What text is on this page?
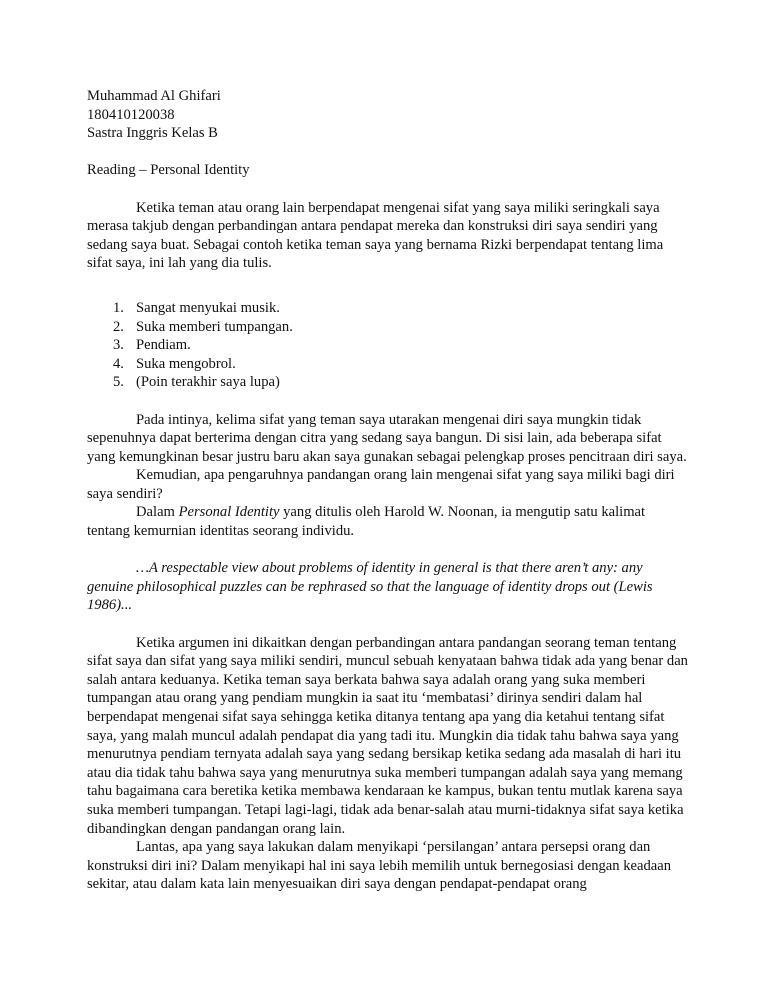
Muhammad Al Ghifari

180410120038

Sastra Inggris Kelas B

Reading – Personal Identity

Ketika teman atau orang lain berpendapat mengenai sifat yang saya miliki seringkali saya merasa takjub dengan perbandingan antara pendapat mereka dan konstruksi diri saya sendiri yang sedang saya buat. Sebagai contoh ketika teman saya yang bernama Rizki berpendapat tentang lima sifat saya, ini lah yang dia tulis.

1. Sangat menyukai musik.
2. Suka memberi tumpangan.
3. Pendiam.
4. Suka mengobrol.
5. (Poin terakhir saya lupa)

Pada intinya, kelima sifat yang teman saya utarakan mengenai diri saya mungkin tidak sepenuhnya dapat berterima dengan citra yang sedang saya bangun. Di sisi lain, ada beberapa sifat yang kemungkinan besar justru baru akan saya gunakan sebagai pelengkap proses pencitraan diri saya.

Kemudian, apa pengaruhnya pandangan orang lain mengenai sifat yang saya miliki bagi diri saya sendiri?

Dalam Personal Identity yang ditulis oleh Harold W. Noonan, ia mengutip satu kalimat tentang kemurnian identitas seorang individu.

…A respectable view about problems of identity in general is that there aren’t any: any genuine philosophical puzzles can be rephrased so that the language of identity drops out (Lewis 1986)...

Ketika argumen ini dikaitkan dengan perbandingan antara pandangan seorang teman tentang sifat saya dan sifat yang saya miliki sendiri, muncul sebuah kenyataan bahwa tidak ada yang benar dan salah antara keduanya. Ketika teman saya berkata bahwa saya adalah orang yang suka memberi tumpangan atau orang yang pendiam mungkin ia saat itu ‘membatasi’ dirinya sendiri dalam hal berpendapat mengenai sifat saya sehingga ketika ditanya tentang apa yang dia ketahui tentang sifat saya, yang malah muncul adalah pendapat dia yang tadi itu. Mungkin dia tidak tahu bahwa saya yang menurutnya pendiam ternyata adalah saya yang sedang bersikap ketika sedang ada masalah di hari itu atau dia tidak tahu bahwa saya yang menurutnya suka memberi tumpangan adalah saya yang memang tahu bagaimana cara beretika ketika membawa kendaraan ke kampus, bukan tentu mutlak karena saya suka memberi tumpangan. Tetapi lagi-lagi, tidak ada benar-salah atau murni-tidaknya sifat saya ketika dibandingkan dengan pandangan orang lain.

Lantas, apa yang saya lakukan dalam menyikapi ‘persilangan’ antara persepsi orang dan konstruksi diri ini? Dalam menyikapi hal ini saya lebih memilih untuk bernegosiasi dengan keadaan sekitar, atau dalam kata lain menyesuaikan diri saya dengan pendapat-pendapat orang
